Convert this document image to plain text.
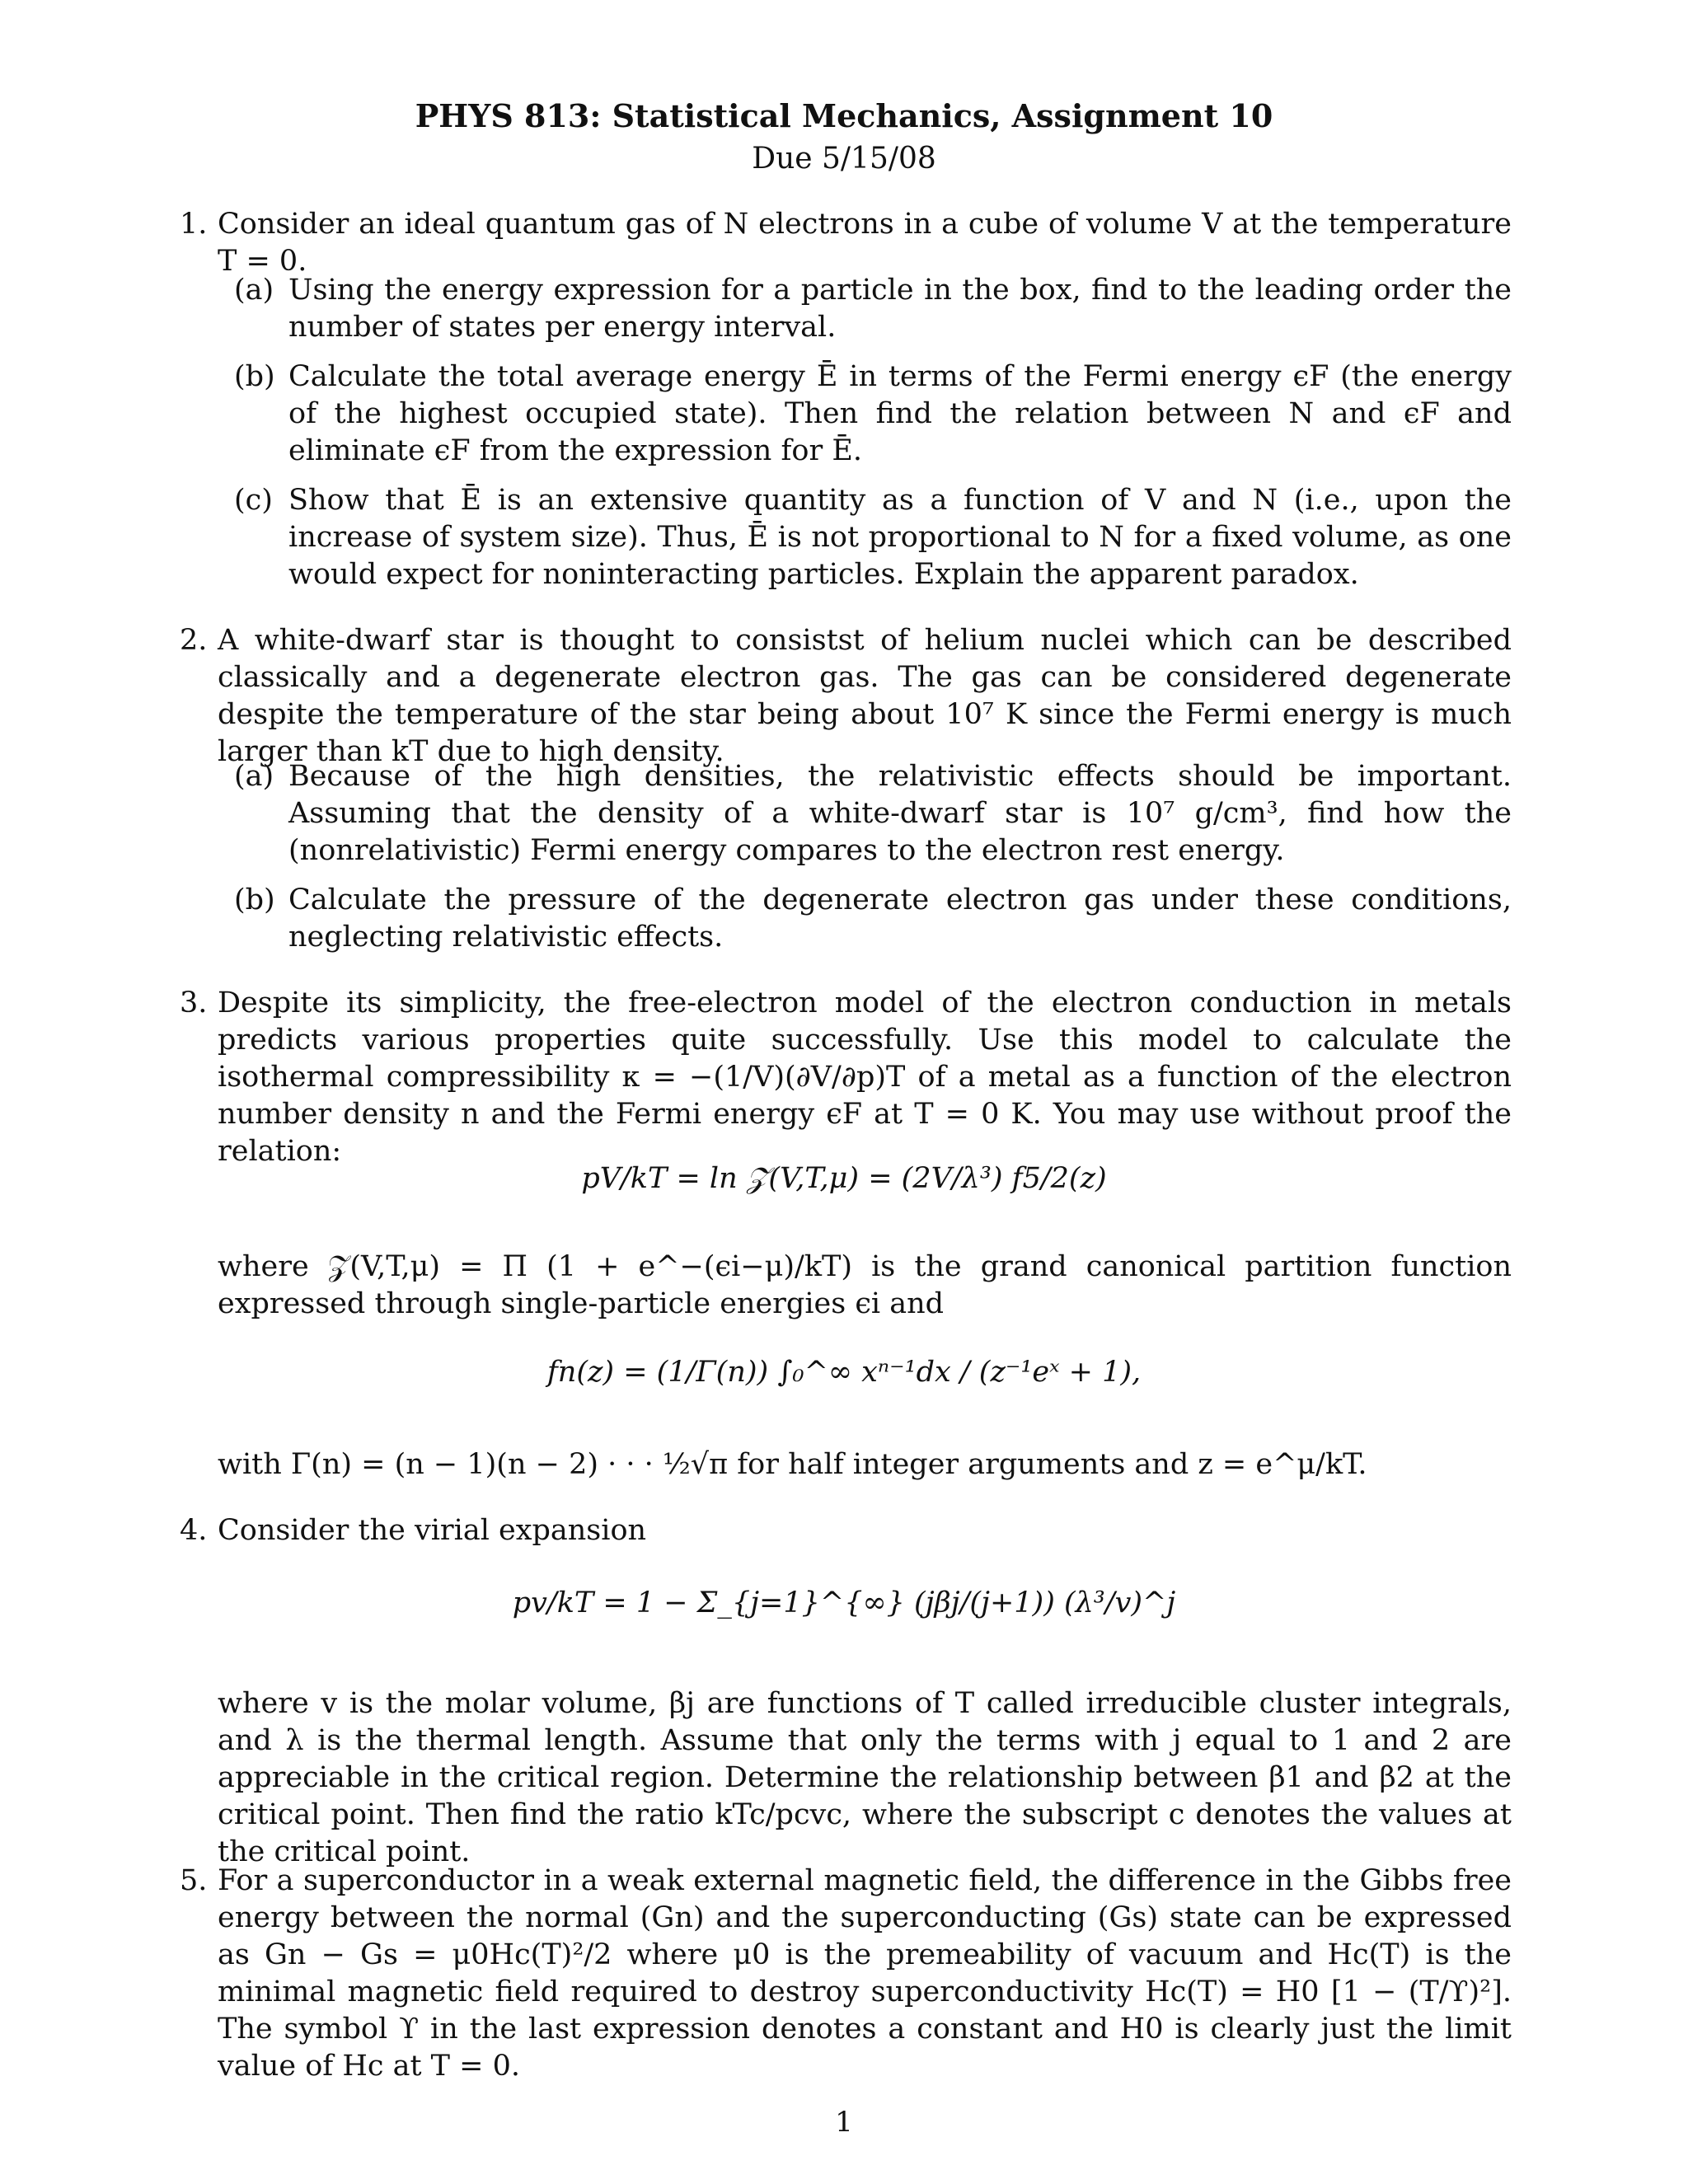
PHYS 813: Statistical Mechanics, Assignment 10
Due 5/15/08
1. Consider an ideal quantum gas of N electrons in a cube of volume V at the temperature T = 0.
(a) Using the energy expression for a particle in the box, find to the leading order the number of states per energy interval.
(b) Calculate the total average energy Ē in terms of the Fermi energy ϵF (the energy of the highest occupied state). Then find the relation between N and ϵF and eliminate ϵF from the expression for Ē.
(c) Show that Ē is an extensive quantity as a function of V and N (i.e., upon the increase of system size). Thus, Ē is not proportional to N for a fixed volume, as one would expect for noninteracting particles. Explain the apparent paradox.
2. A white-dwarf star is thought to consistst of helium nuclei which can be described classically and a degenerate electron gas. The gas can be considered degenerate despite the temperature of the star being about 10⁷ K since the Fermi energy is much larger than kT due to high density.
(a) Because of the high densities, the relativistic effects should be important. Assuming that the density of a white-dwarf star is 10⁷ g/cm³, find how the (nonrelativistic) Fermi energy compares to the electron rest energy.
(b) Calculate the pressure of the degenerate electron gas under these conditions, neglecting relativistic effects.
3. Despite its simplicity, the free-electron model of the electron conduction in metals predicts various properties quite successfully. Use this model to calculate the isothermal compressibility κ = −(1/V)(∂V/∂p)T of a metal as a function of the electron number density n and the Fermi energy ϵF at T = 0 K. You may use without proof the relation:
pV/kT = ln 𝒵(V,T,μ) = (2V/λ³) f5/2(z)
where 𝒵(V,T,μ) = Π (1 + e^−(ϵi−μ)/kT) is the grand canonical partition function expressed through single-particle energies ϵi and
fn(z) = (1/Γ(n)) ∫₀^∞ xⁿ⁻¹dx / (z⁻¹eˣ + 1),
with Γ(n) = (n − 1)(n − 2) · · · ½√π for half integer arguments and z = e^μ/kT.
4. Consider the virial expansion
pv/kT = 1 − Σ_{j=1}^{∞} (jβj/(j+1)) (λ³/v)^j
where v is the molar volume, βj are functions of T called irreducible cluster integrals, and λ is the thermal length. Assume that only the terms with j equal to 1 and 2 are appreciable in the critical region. Determine the relationship between β1 and β2 at the critical point. Then find the ratio kTc/pcvc, where the subscript c denotes the values at the critical point.
5. For a superconductor in a weak external magnetic field, the difference in the Gibbs free energy between the normal (Gn) and the superconducting (Gs) state can be expressed as Gn − Gs = μ0Hc(T)²/2 where μ0 is the premeability of vacuum and Hc(T) is the minimal magnetic field required to destroy superconductivity Hc(T) = H0 [1 − (T/ϒ)²]. The symbol ϒ in the last expression denotes a constant and H0 is clearly just the limit value of Hc at T = 0.
1
